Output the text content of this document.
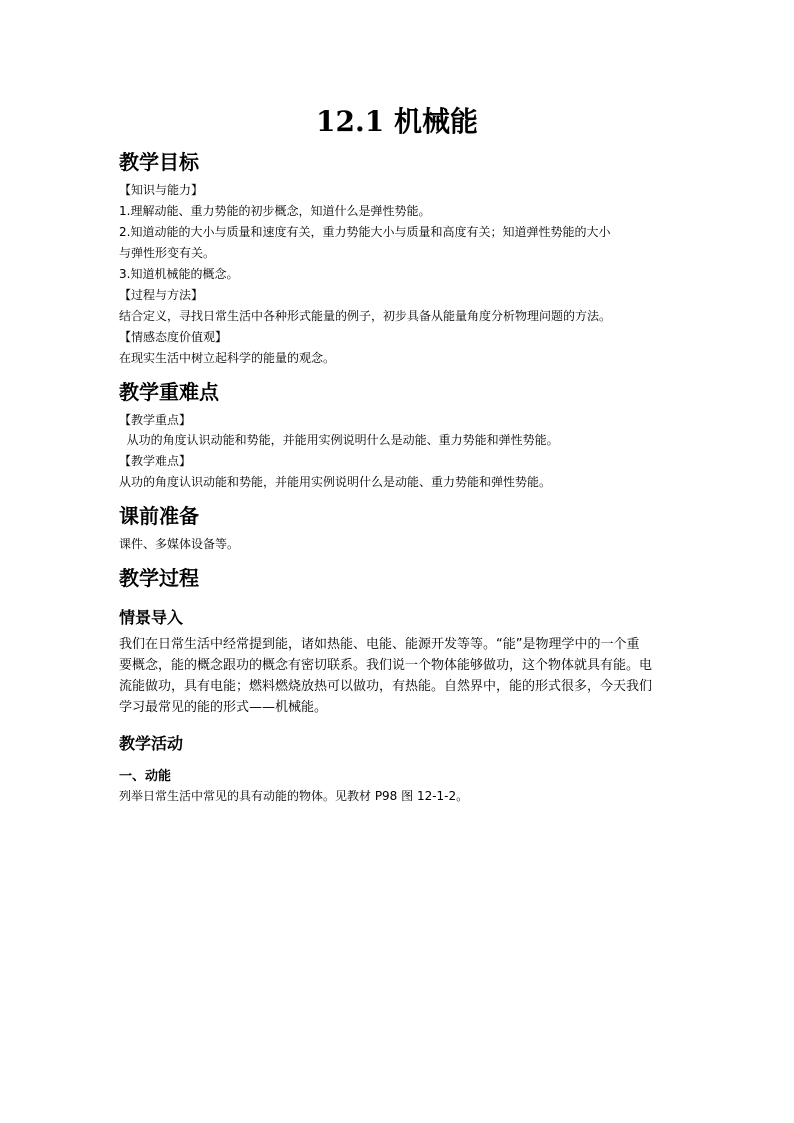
12.1 机械能
教学目标
【知识与能力】
1.理解动能、重力势能的初步概念，知道什么是弹性势能。
2.知道动能的大小与质量和速度有关，重力势能大小与质量和高度有关；知道弹性势能的大小
与弹性形变有关。
3.知道机械能的概念。
【过程与方法】
结合定义，寻找日常生活中各种形式能量的例子，初步具备从能量角度分析物理问题的方法。
【情感态度价值观】
在现实生活中树立起科学的能量的观念。
教学重难点
【教学重点】
从功的角度认识动能和势能，并能用实例说明什么是动能、重力势能和弹性势能。
【教学难点】
从功的角度认识动能和势能，并能用实例说明什么是动能、重力势能和弹性势能。
课前准备
课件、多媒体设备等。
教学过程
情景导入
我们在日常生活中经常提到能，诸如热能、电能、能源开发等等。“能”是物理学中的一个重
要概念，能的概念跟功的概念有密切联系。我们说一个物体能够做功，这个物体就具有能。电
流能做功，具有电能；燃料燃烧放热可以做功，有热能。自然界中，能的形式很多，今天我们
学习最常见的能的形式——机械能。
教学活动
一、动能
列举日常生活中常见的具有动能的物体。见教材 P98 图 12-1-2。
